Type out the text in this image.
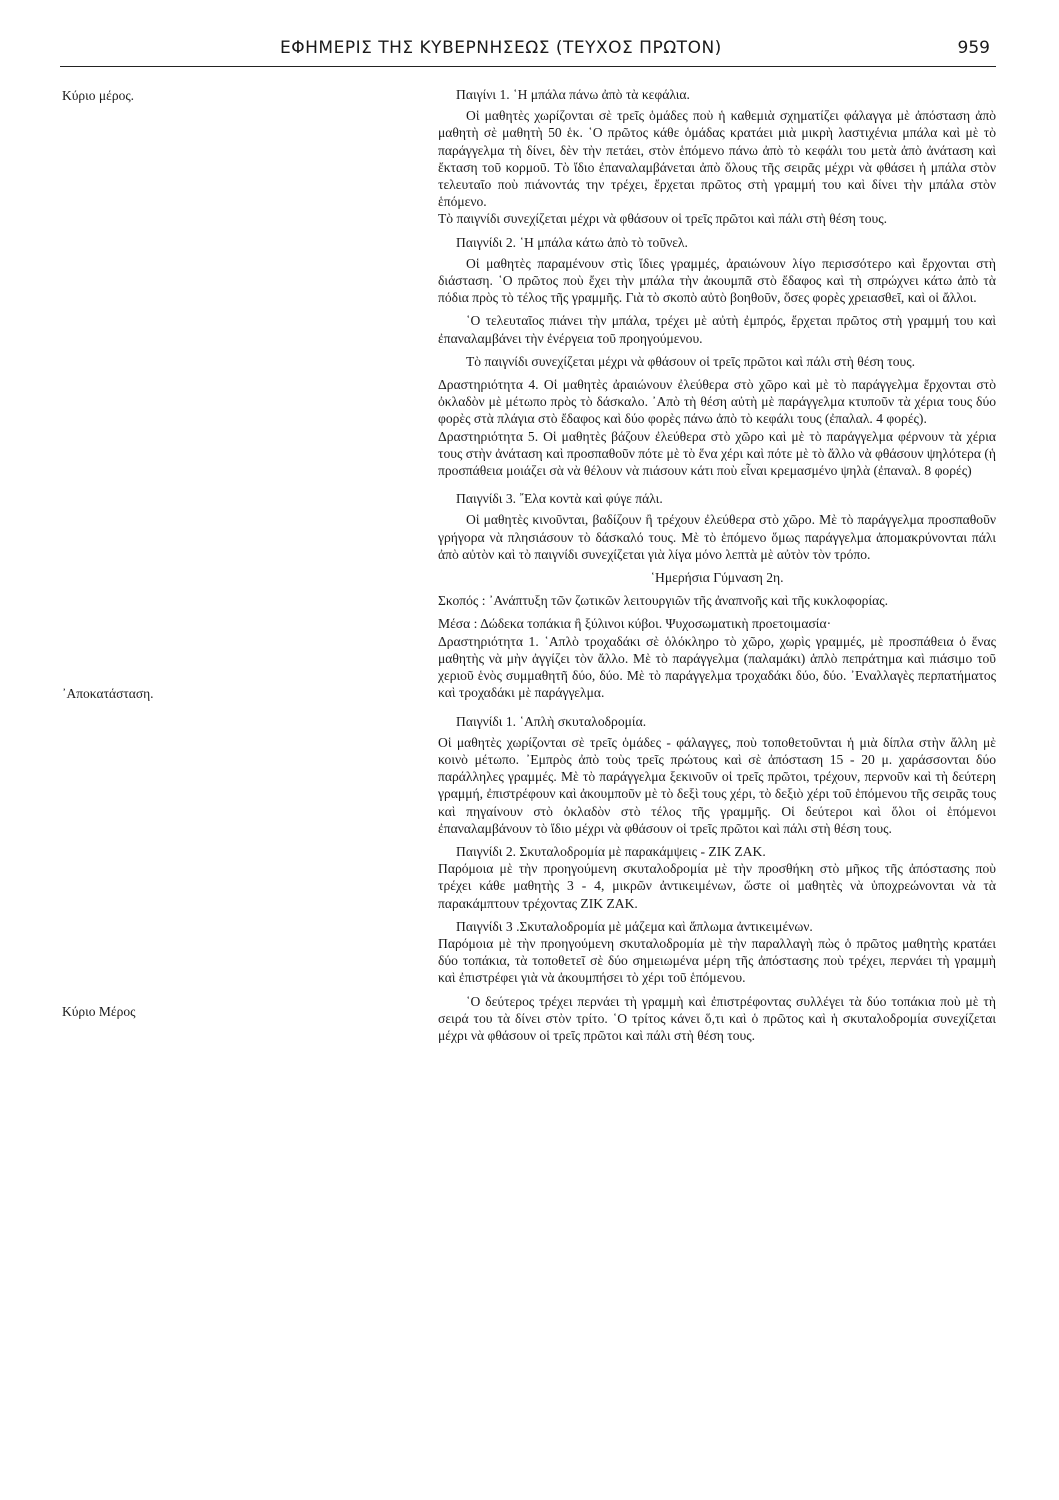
ΕΦΗΜΕΡΙΣ ΤΗΣ ΚΥΒΕΡΝΗΣΕΩΣ (ΤΕΥΧΟΣ ΠΡΩΤΟΝ)	959
Κύριο μέρος.
᾿Αποκατάσταση.
Κύριο Μέρος

Παιγίνι 1. ῾Η μπάλα πάνω ἀπὸ τὰ κεφάλια.

Οἱ μαθητὲς χωρίζονται σὲ τρεῖς ὁμάδες ποὺ ἡ καθεμιὰ σχηματίζει φάλαγγα μὲ ἀπόσταση ἀπὸ μαθητὴ σὲ μαθητὴ 50 ἑκ. ῾Ο πρῶτος κάθε ὁμάδας κρατάει μιὰ μικρὴ λαστιχένια μπάλα καὶ μὲ τὸ παράγγελμα τὴ δίνει, δὲν τὴν πετάει, στὸν ἑπόμενο πάνω ἀπὸ τὸ κεφάλι του μετὰ ἀπὸ ἀνάταση καὶ ἔκταση τοῦ κορμοῦ. Τὸ ἴδιο ἐπαναλαμβάνεται ἀπὸ ὅλους τῆς σειρᾶς μέχρι νὰ φθάσει ἡ μπάλα στὸν τελευταῖο ποὺ πιάνοντάς την τρέχει, ἔρχεται πρῶτος στὴ γραμμή του καὶ δίνει τὴν μπάλα στὸν ἑπόμενο.

Τὸ παιγνίδι συνεχίζεται μέχρι νὰ φθάσουν οἱ τρεῖς πρῶτοι καὶ πάλι στὴ θέση τους.

Παιγνίδι 2. ῾Η μπάλα κάτω ἀπὸ τὸ τοῦνελ.

Οἱ μαθητὲς παραμένουν στὶς ἴδιες γραμμές, ἀραιώνουν λίγο περισσότερο καὶ ἔρχονται στὴ διάσταση. ῾Ο πρῶτος ποὺ ἔχει τὴν μπάλα τὴν ἀκουμπᾶ στὸ ἔδαφος καὶ τὴ σπρώχνει κάτω ἀπὸ τὰ πόδια πρὸς τὸ τέλος τῆς γραμμῆς. Γιὰ τὸ σκοπὸ αὐτὸ βοηθοῦν, ὅσες φορὲς χρειασθεῖ, καὶ οἱ ἄλλοι.

῾Ο τελευταῖος πιάνει τὴν μπάλα, τρέχει μὲ αὐτὴ ἐμπρός, ἔρχεται πρῶτος στὴ γραμμή του καὶ ἐπαναλαμβάνει τὴν ἐνέργεια τοῦ προηγούμενου.

Τὸ παιγνίδι συνεχίζεται μέχρι νὰ φθάσουν οἱ τρεῖς πρῶτοι καὶ πάλι στὴ θέση τους.

Δραστηριότητα 4. Οἱ μαθητὲς ἀραιώνουν ἐλεύθερα στὸ χῶρο καὶ μὲ τὸ παράγγελμα ἔρχονται στὸ ὀκλαδὸν μὲ μέτωπο πρὸς τὸ δάσκαλο. ᾿Απὸ τὴ θέση αὐτὴ μὲ παράγγελμα κτυποῦν τὰ χέρια τους δύο φορὲς στὰ πλάγια στὸ ἔδαφος καὶ δύο φορὲς πάνω ἀπὸ τὸ κεφάλι τους (ἐπαλαλ. 4 φορές).

Δραστηριότητα 5. Οἱ μαθητὲς βάζουν ἐλεύθερα στὸ χῶρο καὶ μὲ τὸ παράγγελμα φέρνουν τὰ χέρια τους στὴν ἀνάταση καὶ προσπαθοῦν πότε μὲ τὸ ἕνα χέρι καὶ πότε μὲ τὸ ἄλλο νὰ φθάσουν ψηλότερα (ἡ προσπάθεια μοιάζει σὰ νὰ θέλουν νὰ πιάσουν κάτι ποὺ εἶναι κρεμασμένο ψηλὰ (ἐπαναλ. 8 φορές)

Παιγνίδι 3. ῎Ελα κοντὰ καὶ φύγε πάλι.

Οἱ μαθητὲς κινοῦνται, βαδίζουν ἢ τρέχουν ἐλεύθερα στὸ χῶρο. Μὲ τὸ παράγγελμα προσπαθοῦν γρήγορα νὰ πλησιάσουν τὸ δάσκαλό τους. Μὲ τὸ ἑπόμενο ὅμως παράγγελμα ἀπομακρύνονται πάλι ἀπὸ αὐτὸν καὶ τὸ παιγνίδι συνεχίζεται γιὰ λίγα μόνο λεπτὰ μὲ αὐτὸν τὸν τρόπο.

῾Ημερήσια Γύμναση 2η.

Σκοπός : ᾿Ανάπτυξη τῶν ζωτικῶν λειτουργιῶν τῆς ἀναπνοῆς καὶ τῆς κυκλοφορίας.

Μέσα : Δώδεκα τοπάκια ἢ ξύλινοι κύβοι. Ψυχοσωματικὴ προετοιμασία·

Δραστηριότητα 1. ῾Απλὸ τροχαδάκι σὲ ὁλόκληρο τὸ χῶρο, χωρὶς γραμμές, μὲ προσπάθεια ὁ ἕνας μαθητὴς νὰ μὴν ἀγγίζει τὸν ἄλλο. Μὲ τὸ παράγγελμα (παλαμάκι) ἁπλὸ πεπράτημα καὶ πιάσιμο τοῦ χεριοῦ ἑνὸς συμμαθητῆ δύο, δύο. Μὲ τὸ παράγγελμα τροχαδάκι δύο, δύο. ᾿Εναλλαγὲς περπατήματος καὶ τροχαδάκι μὲ παράγγελμα.

Παιγνίδι 1. ῾Απλὴ σκυταλοδρομία.

Οἱ μαθητὲς χωρίζονται σὲ τρεῖς ὁμάδες - φάλαγγες, ποὺ τοποθετοῦνται ἡ μιὰ δίπλα στὴν ἄλλη μὲ κοινὸ μέτωπο. ᾿Εμπρὸς ἀπὸ τοὺς τρεῖς πρώτους καὶ σὲ ἀπόσταση 15 - 20 μ. χαράσσονται δύο παράλληλες γραμμές. Μὲ τὸ παράγγελμα ξεκινοῦν οἱ τρεῖς πρῶτοι, τρέχουν, περνοῦν καὶ τὴ δεύτερη γραμμή, ἐπιστρέφουν καὶ ἀκουμποῦν μὲ τὸ δεξὶ τους χέρι, τὸ δεξιὸ χέρι τοῦ ἑπόμενου τῆς σειρᾶς τους καὶ πηγαίνουν στὸ ὀκλαδὸν στὸ τέλος τῆς γραμμῆς. Οἱ δεύτεροι καὶ ὅλοι οἱ ἑπόμενοι ἐπαναλαμβάνουν τὸ ἴδιο μέχρι νὰ φθάσουν οἱ τρεῖς πρῶτοι καὶ πάλι στὴ θέση τους.

Παιγνίδι 2. Σκυταλοδρομία μὲ παρακάμψεις - ΖΙΚ ΖΑΚ.

Παρόμοια μὲ τὴν προηγούμενη σκυταλοδρομία μὲ τὴν προσθήκη στὸ μῆκος τῆς ἀπόστασης ποὺ τρέχει κάθε μαθητὴς 3 - 4, μικρῶν ἀντικειμένων, ὥστε οἱ μαθητὲς νὰ ὑποχρεώνονται νὰ τὰ παρακάμπτουν τρέχοντας ΖΙΚ ΖΑΚ.

Παιγνίδι 3 .Σκυταλοδρομία μὲ μάζεμα καὶ ἅπλωμα ἀντικειμένων.

Παρόμοια μὲ τὴν προηγούμενη σκυταλοδρομία μὲ τὴν παραλλαγὴ πὼς ὁ πρῶτος μαθητὴς κρατάει δύο τοπάκια, τὰ τοποθετεῖ σὲ δύο σημειωμένα μέρη τῆς ἀπόστασης ποὺ τρέχει, περνάει τὴ γραμμὴ καὶ ἐπιστρέφει γιὰ νὰ ἀκουμπήσει τὸ χέρι τοῦ ἑπόμενου.

῾Ο δεύτερος τρέχει περνάει τὴ γραμμὴ καὶ ἐπιστρέφοντας συλλέγει τὰ δύο τοπάκια ποὺ μὲ τὴ σειρά του τὰ δίνει στὸν τρίτο. ῾Ο τρίτος κάνει ὅ,τι καὶ ὁ πρῶτος καὶ ἡ σκυταλοδρομία συνεχίζεται μέχρι νὰ φθάσουν οἱ τρεῖς πρῶτοι καὶ πάλι στὴ θέση τους.
